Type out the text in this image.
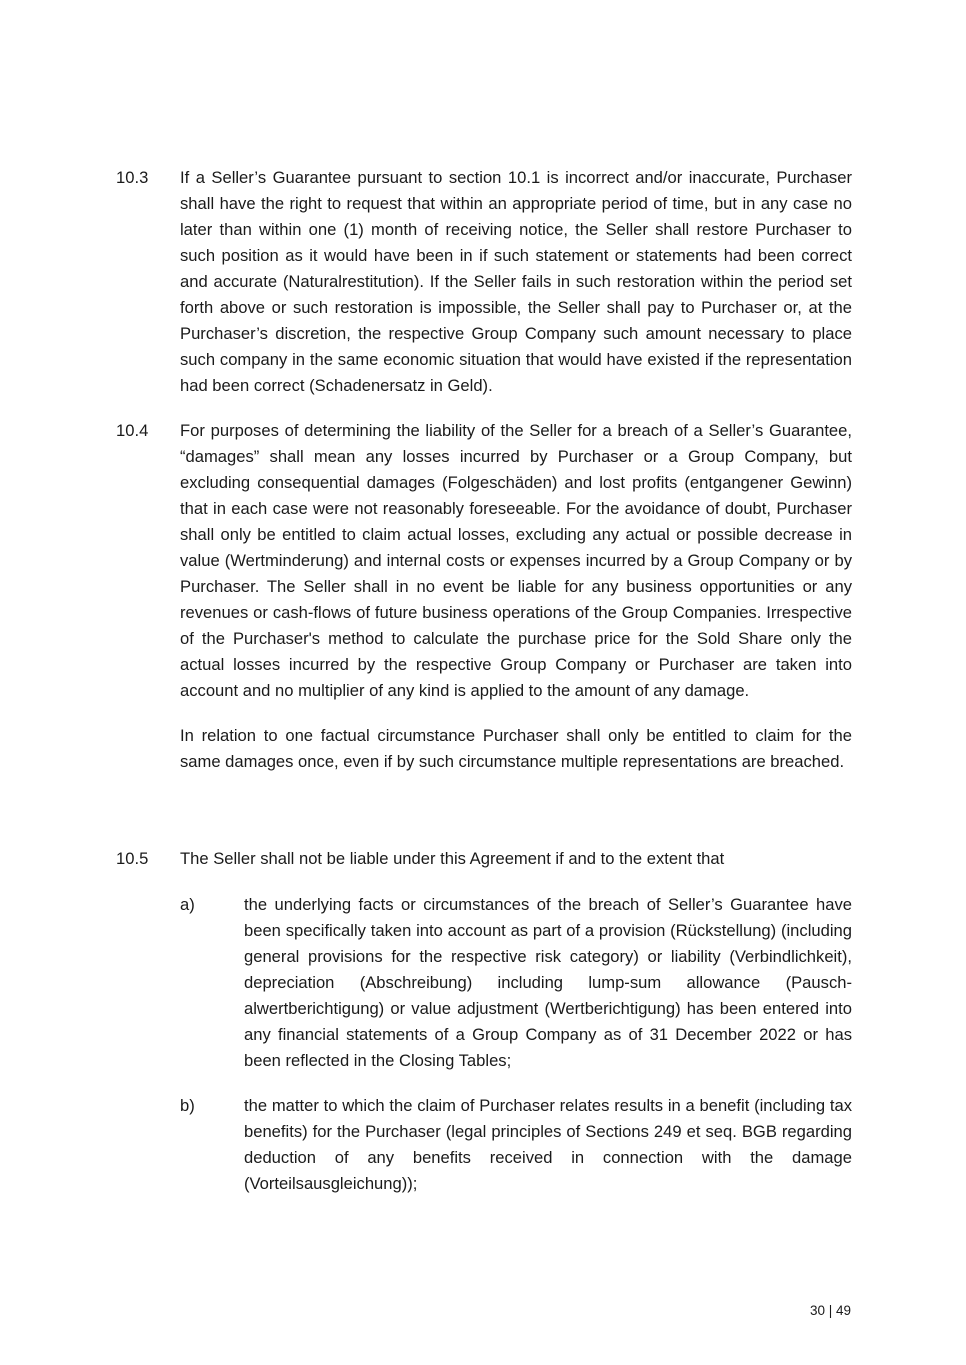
10.3 If a Seller’s Guarantee pursuant to section 10.1 is incorrect and/or inaccurate, Purchaser shall have the right to request that within an appropriate period of time, but in any case no later than within one (1) month of receiving notice, the Seller shall restore Purchaser to such position as it would have been in if such statement or statements had been correct and accurate (Naturalrestitution). If the Seller fails in such restoration within the period set forth above or such restoration is impossible, the Seller shall pay to Purchaser or, at the Purchaser’s discretion, the respective Group Company such amount necessary to place such company in the same economic situation that would have existed if the representation had been correct (Schadenersatz in Geld).

10.4 For purposes of determining the liability of the Seller for a breach of a Seller’s Guarantee, “damages” shall mean any losses incurred by Purchaser or a Group Company, but excluding consequential damages (Folgeschäden) and lost profits (entgangener Gewinn) that in each case were not reasonably foreseeable. For the avoidance of doubt, Purchaser shall only be entitled to claim actual losses, excluding any actual or possible decrease in value (Wertminderung) and internal costs or expenses incurred by a Group Company or by Purchaser. The Seller shall in no event be liable for any business opportunities or any revenues or cash-flows of future business operations of the Group Companies. Irrespective of the Purchaser's method to calculate the purchase price for the Sold Share only the actual losses incurred by the respective Group Company or Purchaser are taken into account and no multiplier of any kind is applied to the amount of any damage.

In relation to one factual circumstance Purchaser shall only be entitled to claim for the same damages once, even if by such circumstance multiple representations are breached.

10.5 The Seller shall not be liable under this Agreement if and to the extent that

a)	the underlying facts or circumstances of the breach of Seller’s Guarantee have been specifically taken into account as part of a provision (Rückstellung) (including general provisions for the respective risk category) or liability (Verbindlichkeit), depreciation (Abschreibung) including lump-sum allowance (Pauschalwertberichtigung) or value adjustment (Wertberichtigung) has been entered into any financial statements of a Group Company as of 31 December 2022 or has been reflected in the Closing Tables;

b)	the matter to which the claim of Purchaser relates results in a benefit (including tax benefits) for the Purchaser (legal principles of Sections 249 et seq. BGB regarding deduction of any benefits received in connection with the damage (Vorteilsausgleichung));

30 | 49
